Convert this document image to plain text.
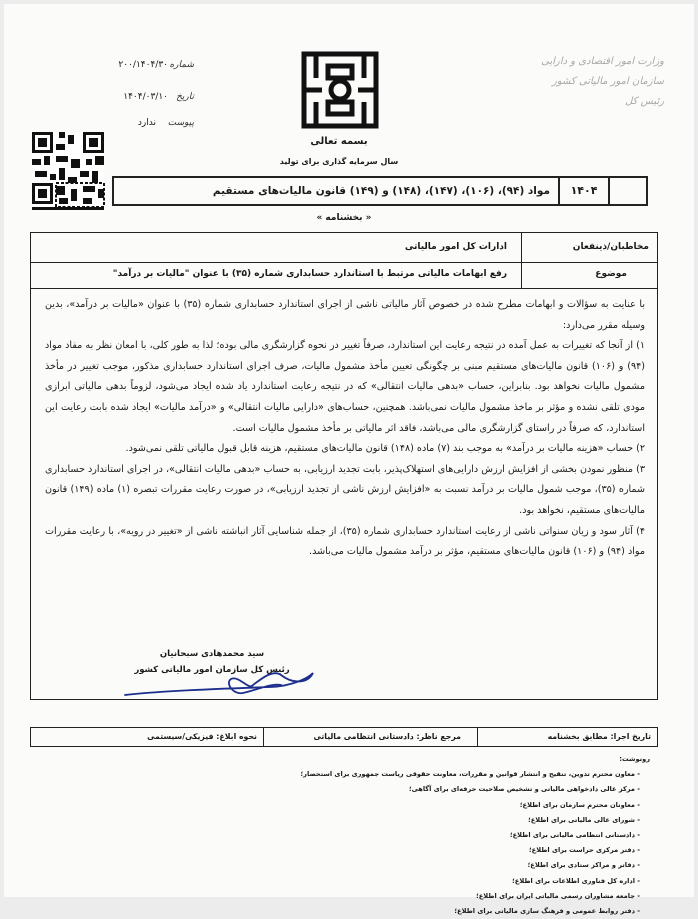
وزارت امور اقتصادی و دارایی
سازمان امور مالیاتی کشور
رئیس کل
بسمه تعالی
سال سرمایه گذاری برای تولید
شماره
۲۰۰/۱۴۰۴/۳۰
تاریخ
۱۴۰۴/۰۳/۱۰
پیوست
ندارد
مواد (۹۴)، (۱۰۶)، (۱۴۷)، (۱۴۸) و (۱۴۹) قانون مالیات‌های مستقیم	۱۴۰۴
« بخشنامه »
ادارات کل امور مالیاتی	مخاطبان/ذینفعان
رفع ابهامات مالیاتی مرتبط با استاندارد حسابداری شماره (۳۵) با عنوان "مالیات بر درآمد"	موضوع

با عنایت به سؤالات و ابهامات مطرح شده در خصوص آثار مالیاتی ناشی از اجرای استاندارد حسابداری شماره (۳۵) با عنوان «مالیات بر درآمد»، بدین وسیله مقرر می‌دارد:

۱) از آنجا که تغییرات به عمل آمده در نتیجه رعایت این استاندارد، صرفاً تغییر در نحوه گزارشگری مالی بوده؛ لذا به طور کلی، با امعان نظر به مفاد مواد (۹۴) و (۱۰۶) قانون مالیات‌های مستقیم مبنی بر چگونگی تعیین مأخذ مشمول مالیات، صرف اجرای استاندارد حسابداری مذکور، موجب تغییر در مأخذ مشمول مالیات نخواهد بود. بنابراین، حساب «بدهی مالیات انتقالی» که در نتیجه رعایت استاندارد یاد شده ایجاد می‌شود، لزوماً بدهی مالیاتی ابرازی مودی تلقی نشده و مؤثر بر ماخذ مشمول مالیات نمی‌باشد. همچنین، حساب‌های «دارایی مالیات انتقالی» و «درآمد مالیات» ایجاد شده بابت رعایت این استاندارد، که صرفاً در راستای گزارشگری مالی می‌باشد، فاقد اثر مالیاتی بر مأخذ مشمول مالیات است.

۲) حساب «هزینه مالیات بر درآمد» به موجب بند (۷) ماده (۱۴۸) قانون مالیات‌های مستقیم، هزینه قابل قبول مالیاتی تلقی نمی‌شود.

۳) منظور نمودن بخشی از افزایش ارزش دارایی‌های استهلاک‌پذیر، بابت تجدید ارزیابی، به حساب «بدهی مالیات انتقالی»، در اجرای استاندارد حسابداری شماره (۳۵)، موجب شمول مالیات بر درآمد نسبت به «افزایش ارزش ناشی از تجدید ارزیابی»، در صورت رعایت مقررات تبصره (۱) ماده (۱۴۹) قانون مالیات‌های مستقیم، نخواهد بود.

۴) آثار سود و زیان سنواتی ناشی از رعایت استاندارد حسابداری شماره (۳۵)، از جمله شناسایی آثار انباشته ناشی از «تغییر در رویه»، با رعایت مقررات مواد (۹۴) و (۱۰۶) قانون مالیات‌های مستقیم، مؤثر بر درآمد مشمول مالیات می‌باشد.

سید محمدهادی سبحانیان
رئیس کل سازمان امور مالیاتی کشور
تاریخ اجرا: مطابق بخشنامه
مرجع ناظر: دادستانی انتظامی مالیاتی
نحوه ابلاغ: فیزیکی/سیستمی
رونوشت:
- معاون محترم تدوین، تنقیح و انتشار قوانین و مقررات، معاونت حقوقی ریاست جمهوری برای استحضار؛
- مرکز عالی دادخواهی مالیاتی و تشخیص صلاحیت حرفه‌ای برای آگاهی؛
- معاونان محترم سازمان برای اطلاع؛
- شورای عالی مالیاتی برای اطلاع؛
- دادستانی انتظامی مالیاتی برای اطلاع؛
- دفتر مرکزی حراست برای اطلاع؛
- دفاتر و مراکز ستادی برای اطلاع؛
- اداره کل فناوری اطلاعات برای اطلاع؛
- جامعه مشاوران رسمی مالیاتی ایران برای اطلاع؛
- دفتر روابط عمومی و فرهنگ سازی مالیاتی برای اطلاع؛
